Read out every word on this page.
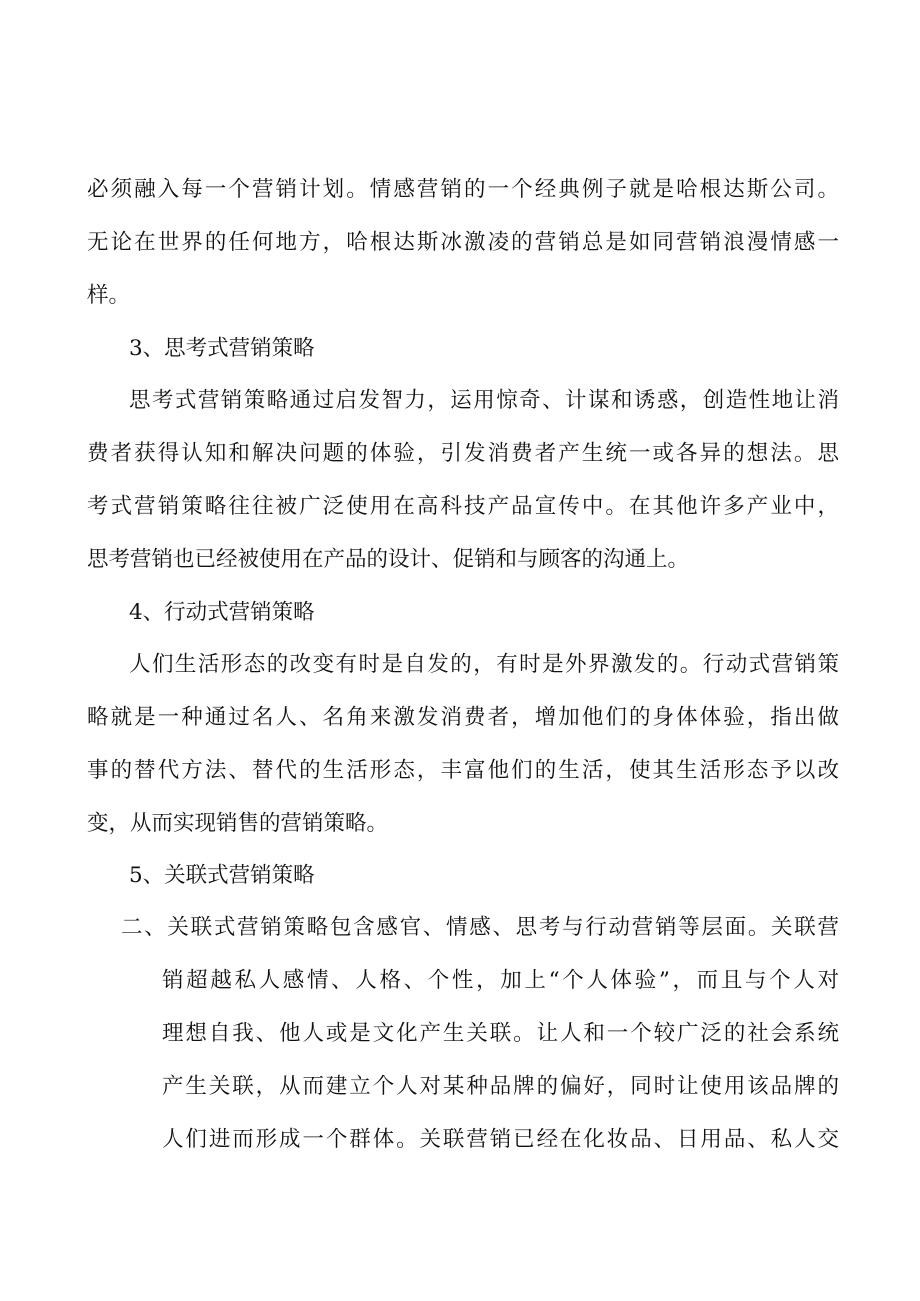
必须融入每一个营销计划。情感营销的一个经典例子就是哈根达斯公司。
无论在世界的任何地方，哈根达斯冰激凌的营销总是如同营销浪漫情感一
样。
3、思考式营销策略
思考式营销策略通过启发智力，运用惊奇、计谋和诱惑，创造性地让消
费者获得认知和解决问题的体验，引发消费者产生统一或各异的想法。思
考式营销策略往往被广泛使用在高科技产品宣传中。在其他许多产业中，
思考营销也已经被使用在产品的设计、促销和与顾客的沟通上。
4、行动式营销策略
人们生活形态的改变有时是自发的，有时是外界激发的。行动式营销策
略就是一种通过名人、名角来激发消费者，增加他们的身体体验，指出做
事的替代方法、替代的生活形态，丰富他们的生活，使其生活形态予以改
变，从而实现销售的营销策略。
5、关联式营销策略
二、关联式营销策略包含感官、情感、思考与行动营销等层面。关联营
销超越私人感情、人格、个性，加上“个人体验”，而且与个人对
理想自我、他人或是文化产生关联。让人和一个较广泛的社会系统
产生关联，从而建立个人对某种品牌的偏好，同时让使用该品牌的
人们进而形成一个群体。关联营销已经在化妆品、日用品、私人交
